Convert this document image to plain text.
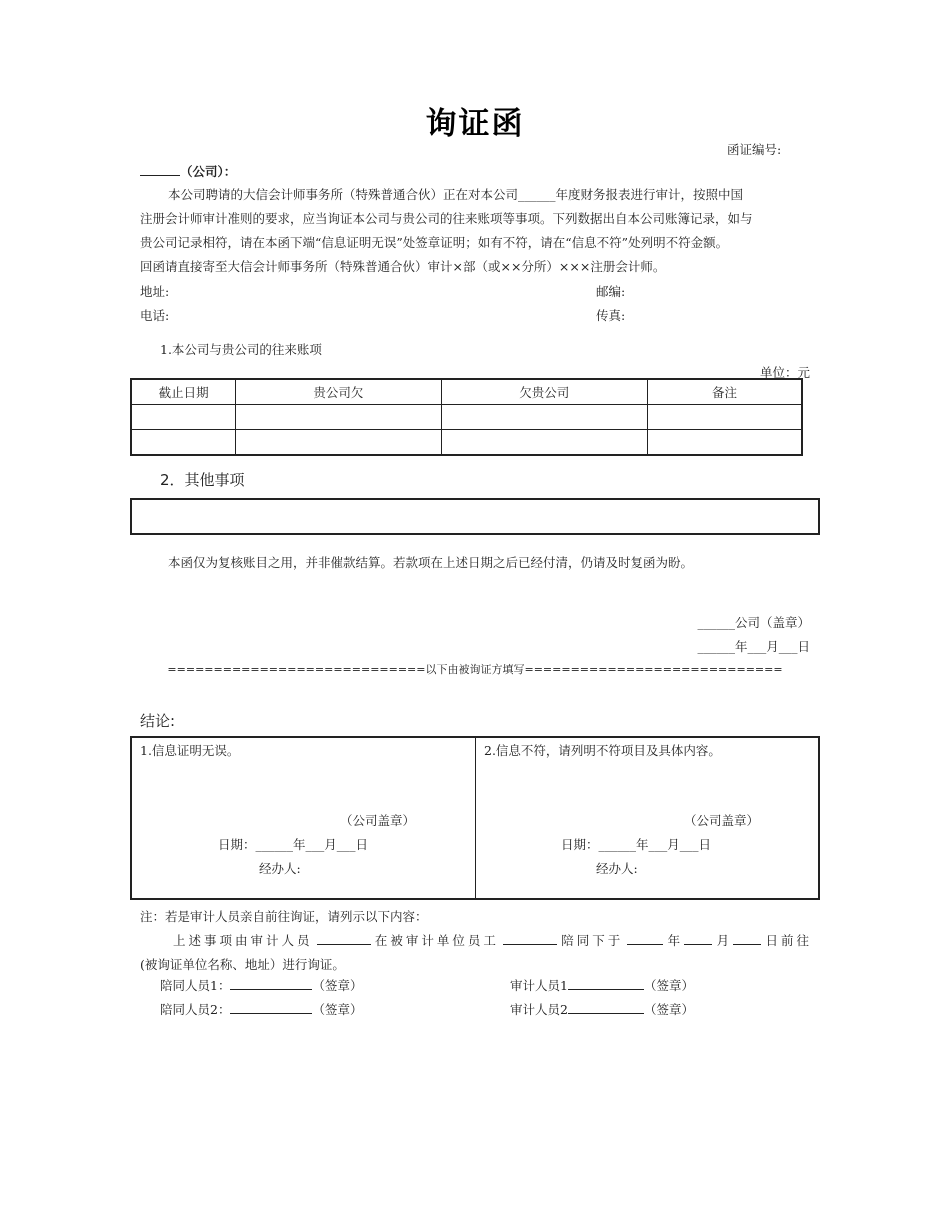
询证函
函证编号:
（公司）：
本公司聘请的大信会计师事务所（特殊普通合伙）正在对本公司______年度财务报表进行审计，按照中国
注册会计师审计准则的要求，应当询证本公司与贵公司的往来账项等事项。下列数据出自本公司账簿记录，如与
贵公司记录相符，请在本函下端“信息证明无误”处签章证明；如有不符，请在“信息不符”处列明不符金额。
回函请直接寄至大信会计师事务所（特殊普通合伙）审计×部（或××分所）×××注册会计师。
地址:	邮编:
电话:	传真:
1.本公司与贵公司的往来账项
单位：元
截止日期	贵公司欠	欠贵公司	备注

2．其他事项
本函仅为复核账目之用，并非催款结算。若款项在上述日期之后已经付清，仍请及时复函为盼。
______公司（盖章）
______年___月___日
============================以下由被询证方填写============================
结论:
1.信息证明无误。
（公司盖章）
日期：______年___月___日
经办人:
2.信息不符，请列明不符项目及具体内容。
（公司盖章）
日期：______年___月___日
经办人:
注：若是审计人员亲自前往询证，请列示以下内容：
上述事项由审计人员	在被审计单位员工	陪同下于	年	月	日前往
(被询证单位名称、地址）进行询证。
陪同人员1：	（签章）	审计人员1	（签章）
陪同人员2：	（签章）	审计人员2	（签章）
